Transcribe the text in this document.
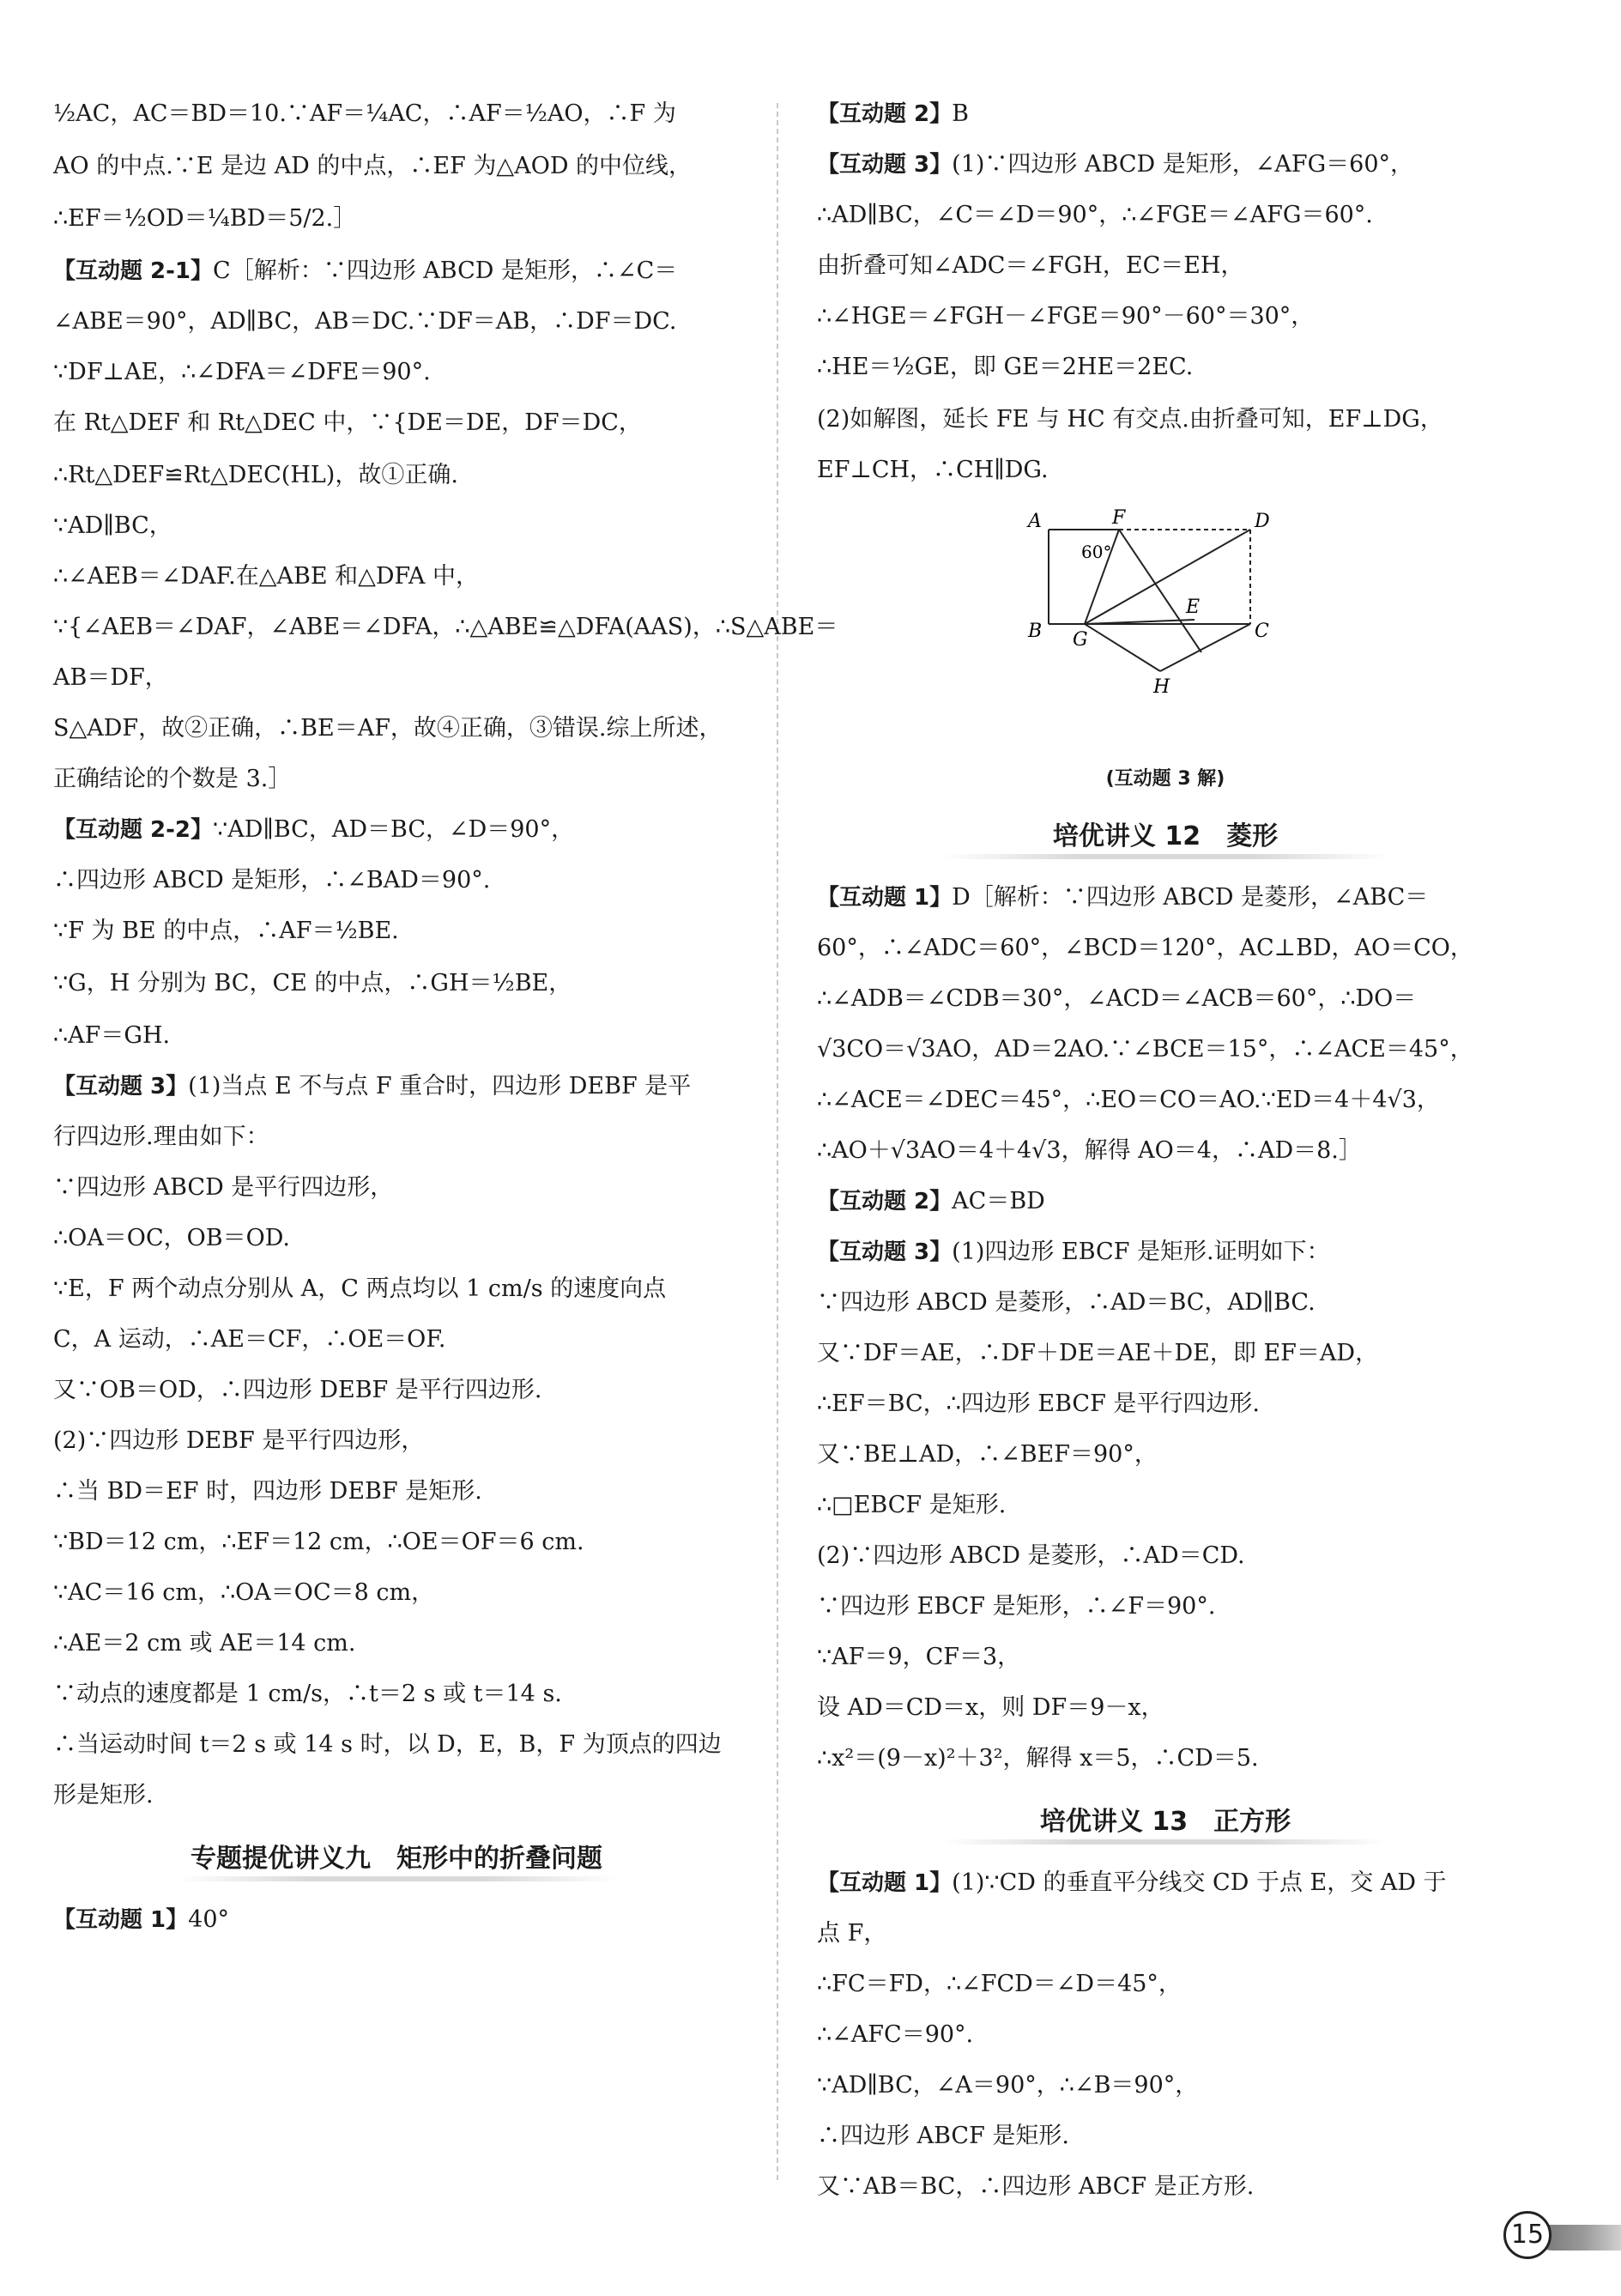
½AC，AC＝BD＝10.∵AF＝¼AC，∴AF＝½AO，∴F 为
AO 的中点.∵E 是边 AD 的中点，∴EF 为△AOD 的中位线，
∴EF＝½OD＝¼BD＝5/2.］
【互动题 2-1】C［解析：∵四边形 ABCD 是矩形，∴∠C＝
∠ABE＝90°，AD∥BC，AB＝DC.∵DF＝AB，∴DF＝DC.
∵DF⊥AE，∴∠DFA＝∠DFE＝90°.
在 Rt△DEF 和 Rt△DEC 中，∵{DE＝DE，DF＝DC，
∴Rt△DEF≌Rt△DEC(HL)，故①正确.
∵AD∥BC，
∴∠AEB＝∠DAF.在△ABE 和△DFA 中，
∵{∠AEB＝∠DAF，∠ABE＝∠DFA，∴△ABE≌△DFA(AAS)，∴S△ABE＝
AB＝DF，
S△ADF，故②正确，∴BE＝AF，故④正确，③错误.综上所述，
正确结论的个数是 3.］
【互动题 2-2】∵AD∥BC，AD＝BC，∠D＝90°，
∴四边形 ABCD 是矩形，∴∠BAD＝90°.
∵F 为 BE 的中点，∴AF＝½BE.
∵G，H 分别为 BC，CE 的中点，∴GH＝½BE，
∴AF＝GH.
【互动题 3】(1)当点 E 不与点 F 重合时，四边形 DEBF 是平
行四边形.理由如下：
∵四边形 ABCD 是平行四边形，
∴OA＝OC，OB＝OD.
∵E，F 两个动点分别从 A，C 两点均以 1 cm/s 的速度向点
C，A 运动，∴AE＝CF，∴OE＝OF.
又∵OB＝OD，∴四边形 DEBF 是平行四边形.
(2)∵四边形 DEBF 是平行四边形，
∴当 BD＝EF 时，四边形 DEBF 是矩形.
∵BD＝12 cm，∴EF＝12 cm，∴OE＝OF＝6 cm.
∵AC＝16 cm，∴OA＝OC＝8 cm，
∴AE＝2 cm 或 AE＝14 cm.
∵动点的速度都是 1 cm/s，∴t＝2 s 或 t＝14 s.
∴当运动时间 t＝2 s 或 14 s 时，以 D，E，B，F 为顶点的四边
形是矩形.
专题提优讲义九　矩形中的折叠问题
【互动题 1】40°
【互动题 2】B
【互动题 3】(1)∵四边形 ABCD 是矩形，∠AFG＝60°，
∴AD∥BC，∠C＝∠D＝90°，∴∠FGE＝∠AFG＝60°.
由折叠可知∠ADC＝∠FGH，EC＝EH，
∴∠HGE＝∠FGH－∠FGE＝90°－60°＝30°，
∴HE＝½GE，即 GE＝2HE＝2EC.
(2)如解图，延长 FE 与 HC 有交点.由折叠可知，EF⊥DG，
EF⊥CH，∴CH∥DG.
A	F	D
B G
E
C
H
60°
(互动题 3 解)
培优讲义 12　菱形
【互动题 1】D［解析：∵四边形 ABCD 是菱形，∠ABC＝
60°，∴∠ADC＝60°，∠BCD＝120°，AC⊥BD，AO＝CO，
∴∠ADB＝∠CDB＝30°，∠ACD＝∠ACB＝60°，∴DO＝
√3CO＝√3AO，AD＝2AO.∵∠BCE＝15°，∴∠ACE＝45°，
∴∠ACE＝∠DEC＝45°，∴EO＝CO＝AO.∵ED＝4＋4√3，
∴AO＋√3AO＝4＋4√3，解得 AO＝4，∴AD＝8.］
【互动题 2】AC＝BD
【互动题 3】(1)四边形 EBCF 是矩形.证明如下：
∵四边形 ABCD 是菱形，∴AD＝BC，AD∥BC.
又∵DF＝AE，∴DF＋DE＝AE＋DE，即 EF＝AD，
∴EF＝BC，∴四边形 EBCF 是平行四边形.
又∵BE⊥AD，∴∠BEF＝90°，
∴□EBCF 是矩形.
(2)∵四边形 ABCD 是菱形，∴AD＝CD.
∵四边形 EBCF 是矩形，∴∠F＝90°.
∵AF＝9，CF＝3，
设 AD＝CD＝x，则 DF＝9－x，
∴x²＝(9－x)²＋3²，解得 x＝5，∴CD＝5.
培优讲义 13　正方形
【互动题 1】(1)∵CD 的垂直平分线交 CD 于点 E，交 AD 于
点 F，
∴FC＝FD，∴∠FCD＝∠D＝45°，
∴∠AFC＝90°.
∵AD∥BC，∠A＝90°，∴∠B＝90°，
∴四边形 ABCF 是矩形.
又∵AB＝BC，∴四边形 ABCF 是正方形.
15
